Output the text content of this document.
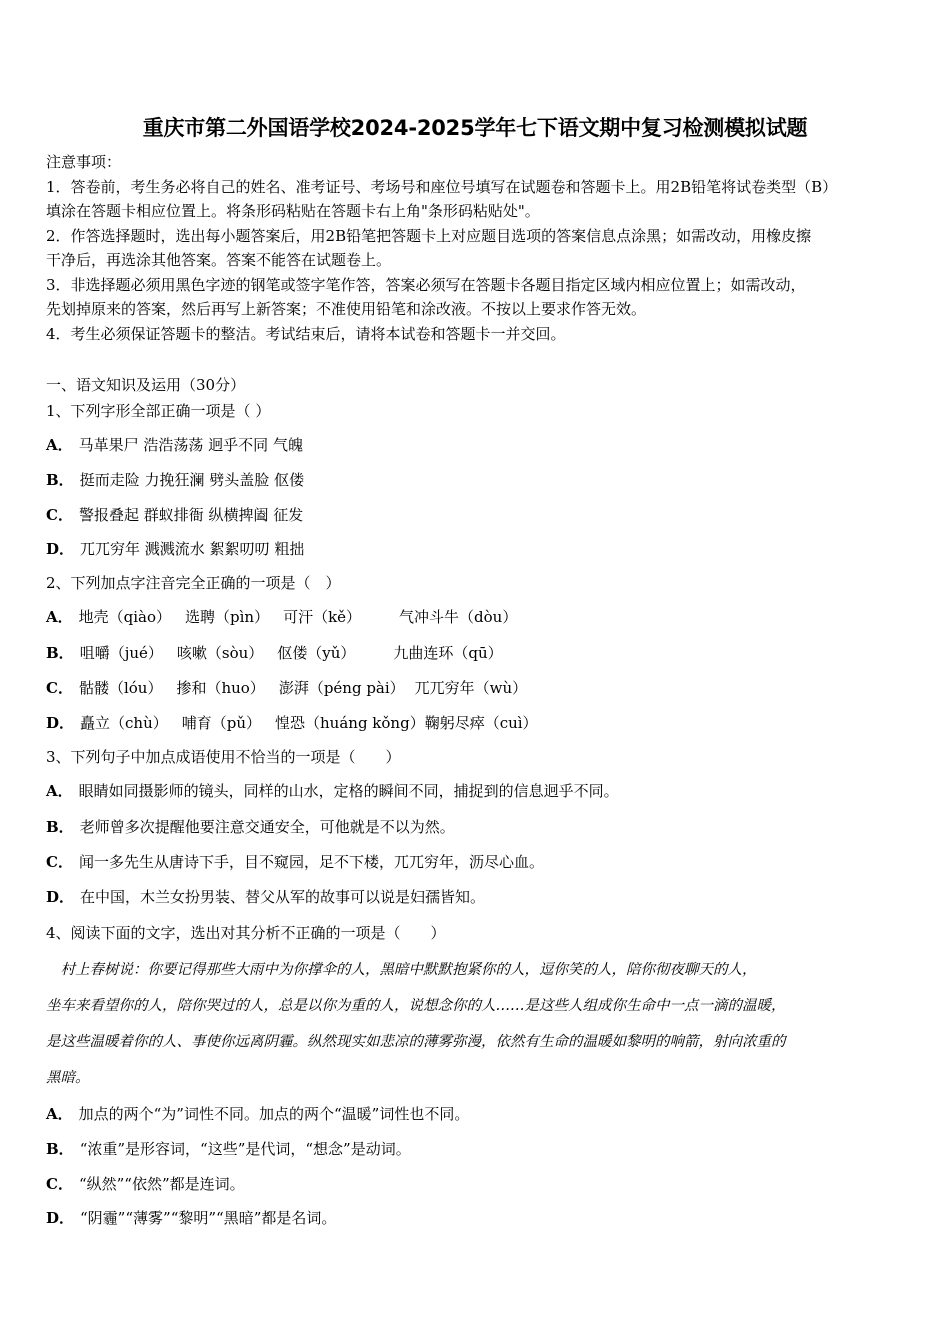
重庆市第二外国语学校2024-2025学年七下语文期中复习检测模拟试题
注意事项：
1．答卷前，考生务必将自己的姓名、准考证号、考场号和座位号填写在试题卷和答题卡上。用2B铅笔将试卷类型（B）
填涂在答题卡相应位置上。将条形码粘贴在答题卡右上角"条形码粘贴处"。
2．作答选择题时，选出每小题答案后，用2B铅笔把答题卡上对应题目选项的答案信息点涂黑；如需改动，用橡皮擦
干净后，再选涂其他答案。答案不能答在试题卷上。
3．非选择题必须用黑色字迹的钢笔或签字笔作答，答案必须写在答题卡各题目指定区域内相应位置上；如需改动，
先划掉原来的答案，然后再写上新答案；不准使用铅笔和涂改液。不按以上要求作答无效。
4．考生必须保证答题卡的整洁。考试结束后，请将本试卷和答题卡一并交回。
一、语文知识及运用（30分）
1、下列字形全部正确一项是（ ）
A． 马革果尸 浩浩荡荡 迥乎不同 气魄
B． 挺而走险 力挽狂澜 劈头盖脸 伛偻
C． 警报叠起 群蚁排衙 纵横捭阖 征发
D． 兀兀穷年 溅溅流水 絮絮叨叨 粗拙
2、下列加点字注音完全正确的一项是（　）
A． 地壳（qiào） 选聘（pìn） 可汗（kě）	气冲斗牛（dòu）
B． 咀嚼（jué） 咳嗽（sòu） 伛偻（yǔ）	九曲连环（qū）
C． 骷髅（lóu） 掺和（huo） 澎湃（péng pài） 兀兀穷年（wù）
D． 矗立（chù） 哺育（pǔ） 惶恐（huáng kǒng）鞠躬尽瘁（cuì）
3、下列句子中加点成语使用不恰当的一项是（　　）
A． 眼睛如同摄影师的镜头，同样的山水，定格的瞬间不同，捕捉到的信息迥乎不同。
B． 老师曾多次提醒他要注意交通安全，可他就是不以为然。
C． 闻一多先生从唐诗下手，目不窥园，足不下楼，兀兀穷年，沥尽心血。
D． 在中国，木兰女扮男装、替父从军的故事可以说是妇孺皆知。
4、阅读下面的文字，选出对其分析不正确的一项是（　　）
　村上春树说：你要记得那些大雨中为你撑伞的人，黑暗中默默抱紧你的人，逗你笑的人，陪你彻夜聊天的人，
坐车来看望你的人，陪你哭过的人，总是以你为重的人，说想念你的人……是这些人组成你生命中一点一滴的温暖，
是这些温暖着你的人、事使你远离阴霾。纵然现实如悲凉的薄雾弥漫，依然有生命的温暖如黎明的响箭，射向浓重的
黑暗。
A． 加点的两个“为”词性不同。加点的两个“温暖”词性也不同。
B． “浓重”是形容词，“这些”是代词，“想念”是动词。
C． “纵然”“依然”都是连词。
D． “阴霾”“薄雾”“黎明”“黑暗”都是名词。
